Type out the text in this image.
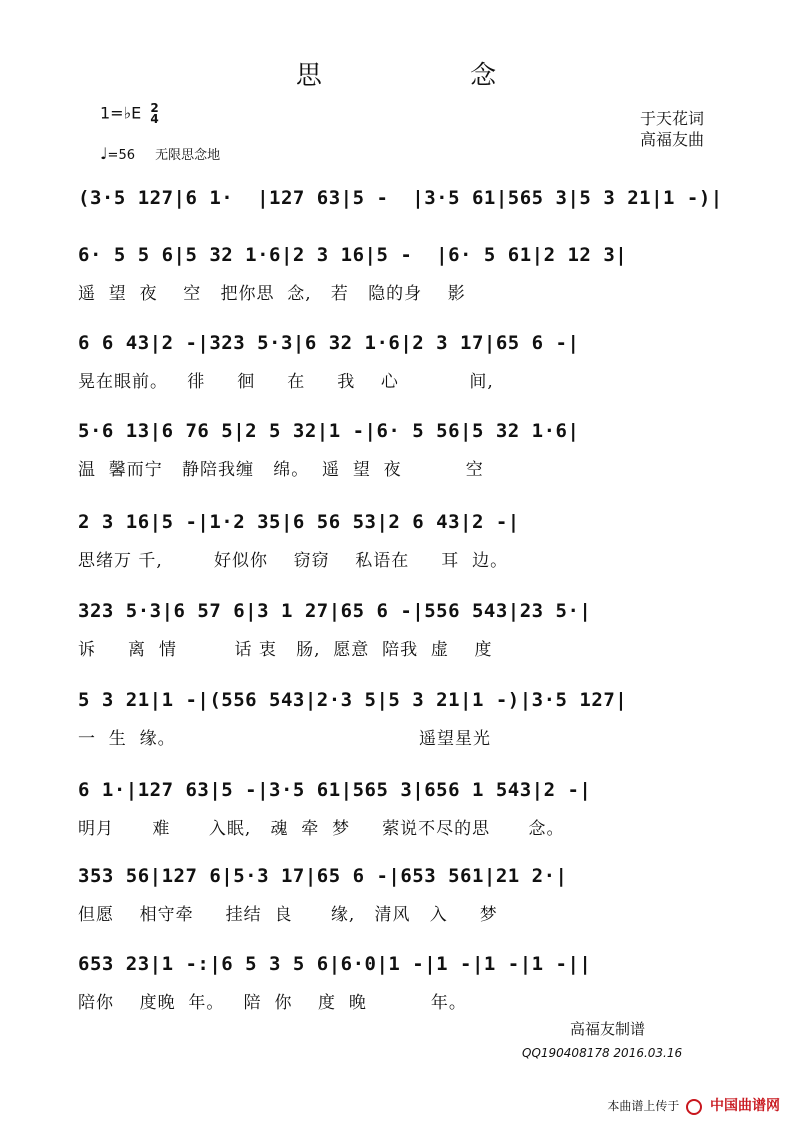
思 念
1=♭E 2
4
♩=56 无限思念地
于天花词
高福友曲
(3·5 127|6 1·  |127 63|5 -  |3·5 61|565 3|5 3 21|1 -)|
6· 5 5 6|5 32 1·6|2 3 16|5 -  |6· 5 61|2 12 3|
遥  望  夜    空   把你思  念,   若   隐的身    影
6 6 43|2 -|323 5·3|6 32 1·6|2 3 17|65 6 -|
晃在眼前。   徘     徊     在     我    心           间,
5·6 13|6 76 5|2 5 32|1 -|6· 5 56|5 32 1·6|
温  馨而宁   静陪我缠   绵。  遥  望  夜          空
2 3 16|5 -|1·2 35|6 56 53|2 6 43|2 -|
思绪万 千,        好似你    窃窃    私语在     耳  边。
323 5·3|6 57 6|3 1 27|65 6 -|556 543|23 5·|
诉     离  情         话 衷   肠,  愿意  陪我  虚    度
5 3 21|1 -|(556 543|2·3 5|5 3 21|1 -)|3·5 127|
一  生  缘。                                      遥望星光
6 1·|127 63|5 -|3·5 61|565 3|656 1 543|2 -|
明月      难      入眠,   魂  牵  梦     萦说不尽的思      念。
353 56|127 6|5·3 17|65 6 -|653 561|21 2·|
但愿    相守牵     挂结  良      缘,   清风   入     梦
653 23|1 -:|6 5 3 5 6|6·0|1 -|1 -|1 -|1 -||
陪你    度晚  年。   陪  你    度  晚          年。
高福友制谱
QQ190408178 2016.03.16
本曲谱上传于 中国曲谱网
